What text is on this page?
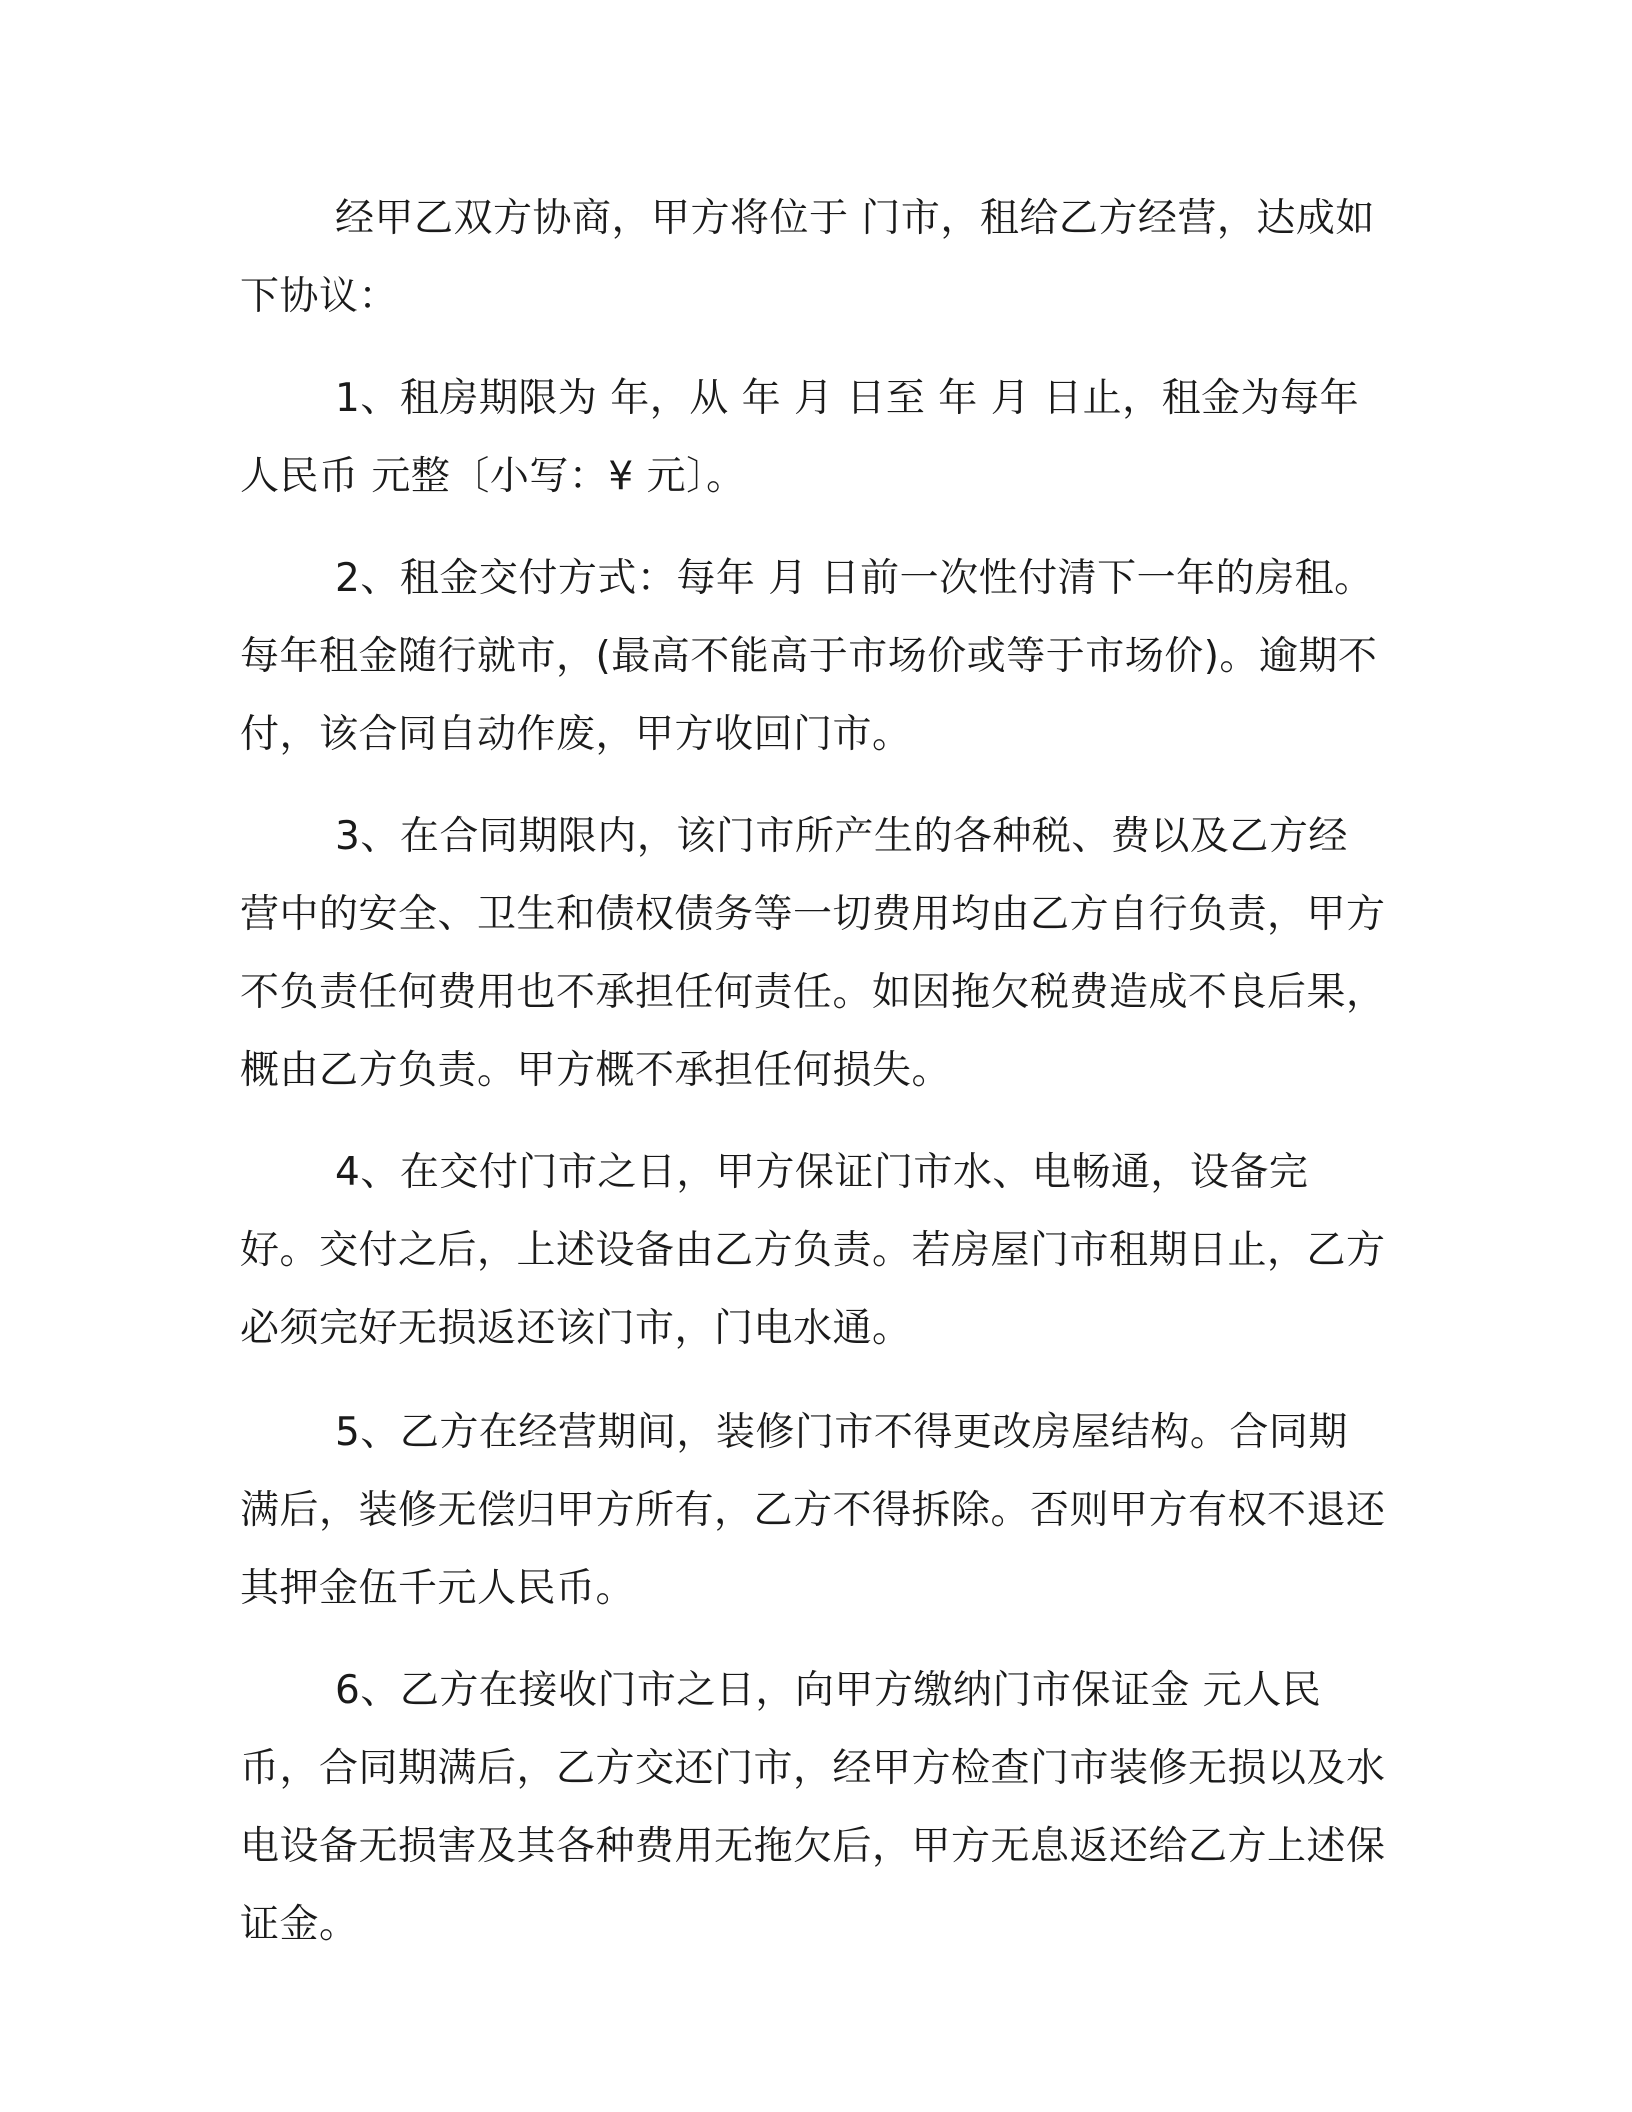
经甲乙双方协商，甲方将位于 门市，租给乙方经营，达成如下协议：

1、租房期限为 年，从 年 月 日至 年 月 日止，租金为每年人民币 元整〔小写：¥ 元〕。

2、租金交付方式：每年 月 日前一次性付清下一年的房租。每年租金随行就市，(最高不能高于市场价或等于市场价)。逾期不付，该合同自动作废，甲方收回门市。

3、在合同期限内，该门市所产生的各种税、费以及乙方经营中的安全、卫生和债权债务等一切费用均由乙方自行负责，甲方不负责任何费用也不承担任何责任。如因拖欠税费造成不良后果，概由乙方负责。甲方概不承担任何损失。

4、在交付门市之日，甲方保证门市水、电畅通，设备完好。交付之后，上述设备由乙方负责。若房屋门市租期日止，乙方必须完好无损返还该门市，门电水通。

5、乙方在经营期间，装修门市不得更改房屋结构。合同期满后，装修无偿归甲方所有，乙方不得拆除。否则甲方有权不退还其押金伍千元人民币。

6、乙方在接收门市之日，向甲方缴纳门市保证金 元人民币，合同期满后，乙方交还门市，经甲方检查门市装修无损以及水电设备无损害及其各种费用无拖欠后，甲方无息返还给乙方上述保证金。
